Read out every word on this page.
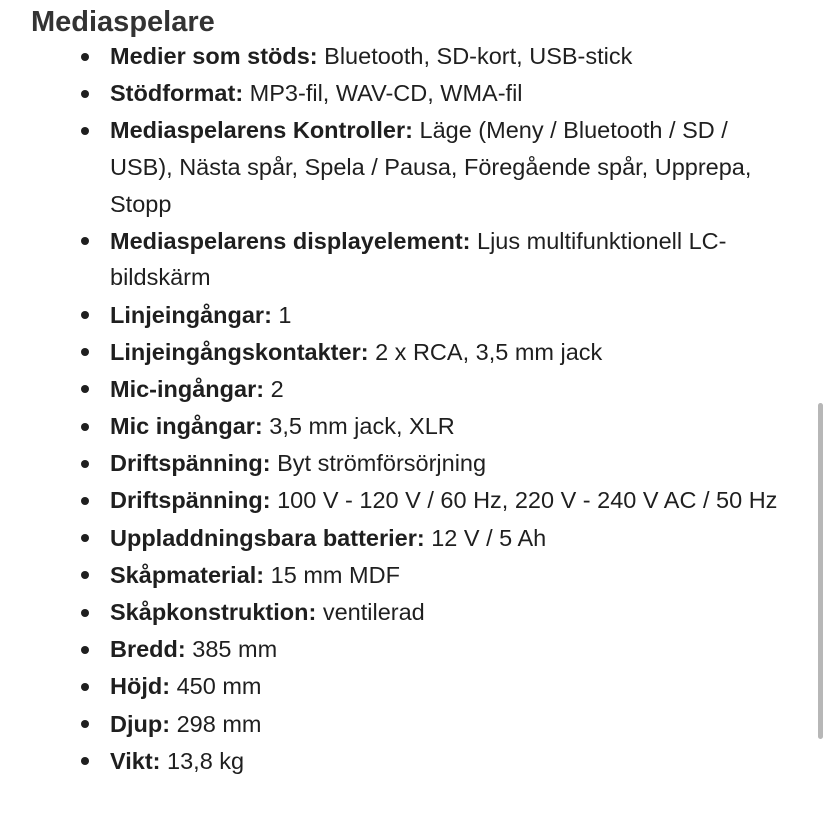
Mediaspelare
Medier som stöds: Bluetooth, SD-kort, USB-stick
Stödformat: MP3-fil, WAV-CD, WMA-fil
Mediaspelarens Kontroller: Läge (Meny / Bluetooth / SD / USB), Nästa spår, Spela / Pausa, Föregående spår, Upprepa, Stopp
Mediaspelarens displayelement: Ljus multifunktionell LC-bildskärm
Linjeingångar: 1
Linjeingångskontakter: 2 x RCA, 3,5 mm jack
Mic-ingångar: 2
Mic ingångar: 3,5 mm jack, XLR
Driftspänning: Byt strömförsörjning
Driftspänning: 100 V - 120 V / 60 Hz, 220 V - 240 V AC / 50 Hz
Uppladdningsbara batterier: 12 V / 5 Ah
Skåpmaterial: 15 mm MDF
Skåpkonstruktion: ventilerad
Bredd: 385 mm
Höjd: 450 mm
Djup: 298 mm
Vikt: 13,8 kg
